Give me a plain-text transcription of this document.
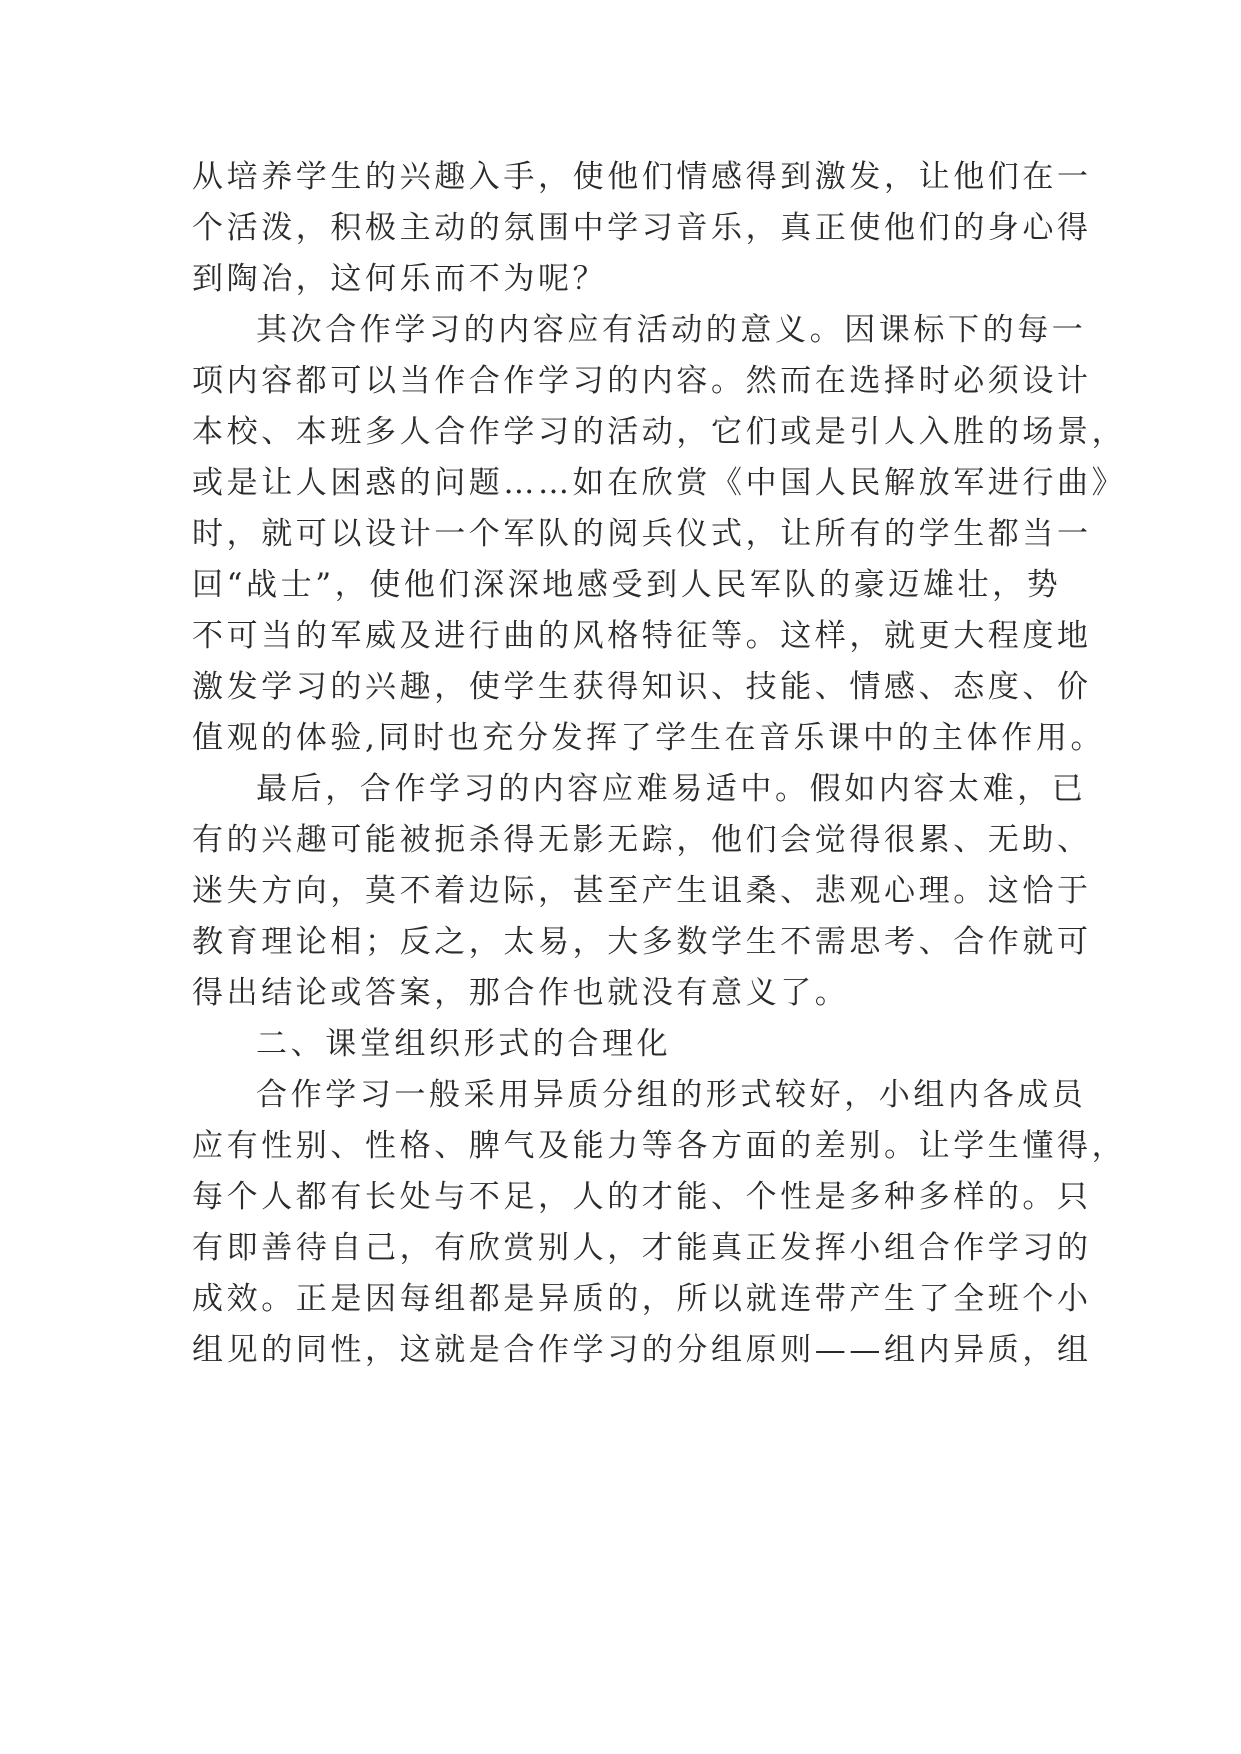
从培养学生的兴趣入手，使他们情感得到激发，让他们在一
个活泼，积极主动的氛围中学习音乐，真正使他们的身心得
到陶冶，这何乐而不为呢？
其次合作学习的内容应有活动的意义。因课标下的每一
项内容都可以当作合作学习的内容。然而在选择时必须设计
本校、本班多人合作学习的活动，它们或是引人入胜的场景，
或是让人困惑的问题……如在欣赏《中国人民解放军进行曲》
时，就可以设计一个军队的阅兵仪式，让所有的学生都当一
回“战士”，使他们深深地感受到人民军队的豪迈雄壮，势
不可当的军威及进行曲的风格特征等。这样，就更大程度地
激发学习的兴趣，使学生获得知识、技能、情感、态度、价
值观的体验,同时也充分发挥了学生在音乐课中的主体作用。
最后，合作学习的内容应难易适中。假如内容太难，已
有的兴趣可能被扼杀得无影无踪，他们会觉得很累、无助、
迷失方向，莫不着边际，甚至产生诅桑、悲观心理。这恰于
教育理论相；反之，太易，大多数学生不需思考、合作就可
得出结论或答案，那合作也就没有意义了。
二、课堂组织形式的合理化
合作学习一般采用异质分组的形式较好，小组内各成员
应有性别、性格、脾气及能力等各方面的差别。让学生懂得，
每个人都有长处与不足，人的才能、个性是多种多样的。只
有即善待自己，有欣赏别人，才能真正发挥小组合作学习的
成效。正是因每组都是异质的，所以就连带产生了全班个小
组见的同性，这就是合作学习的分组原则——组内异质，组
